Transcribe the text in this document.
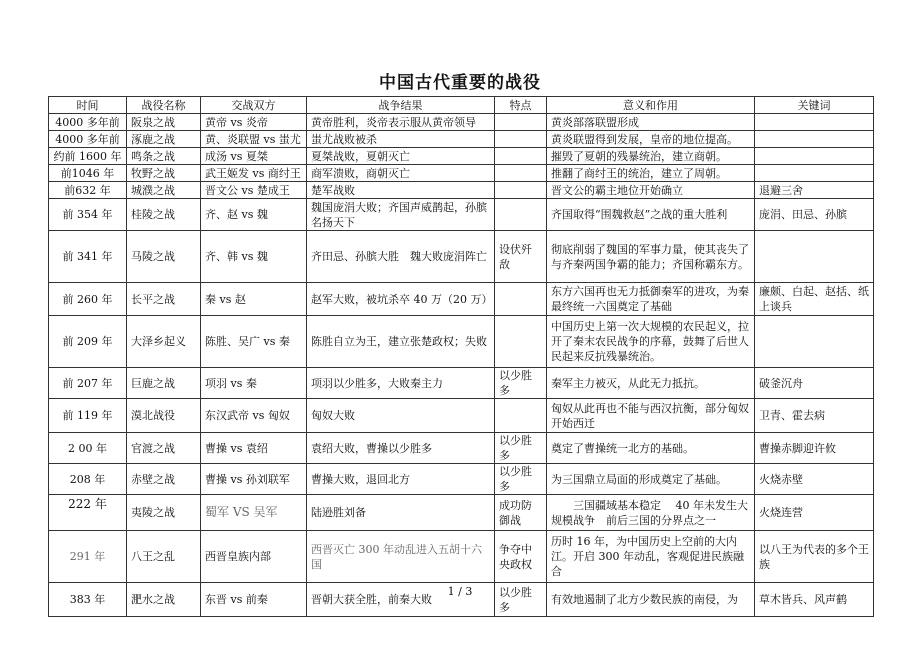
中国古代重要的战役
时间	战役名称	交战双方	战争结果	特点	意义和作用	关键词
4000 多年前	阪泉之战	黄帝 vs 炎帝	黄帝胜利，炎帝表示服从黄帝领导		黄炎部落联盟形成	
4000 多年前	涿鹿之战	黄、炎联盟 vs 蚩尤	蚩尤战败被杀		黄炎联盟得到发展，皇帝的地位提高。	
约前 1600 年	鸣条之战	成汤 vs 夏桀	夏桀战败，夏朝灭亡		摧毁了夏朝的残暴统治，建立商朝。	
前1046 年	牧野之战	武王姬发 vs 商纣王	商军溃败，商朝灭亡		推翻了商纣王的统治，建立了周朝。	
前632 年	城濮之战	晋文公 vs 楚成王	楚军战败		晋文公的霸主地位开始确立	退避三舍
前 354 年	桂陵之战	齐、赵 vs 魏	魏国庞涓大败；齐国声威鹊起，孙膑名扬天下		齐国取得“围魏救赵”之战的重大胜利	庞涓、田忌、孙膑
前 341 年	马陵之战	齐、韩 vs 魏	齐田忌、孙膑大胜　魏大败庞涓阵亡	设伏歼敌	彻底削弱了魏国的军事力量，使其丧失了与齐秦两国争霸的能力；齐国称霸东方。	
前 260 年	长平之战	秦 vs 赵	赵军大败，被坑杀卒 40 万（20 万）		东方六国再也无力抵御秦军的进攻，为秦最终统一六国奠定了基础	廉颇、白起、赵括、纸上谈兵
前 209 年	大泽乡起义	陈胜、吴广 vs 秦	陈胜自立为王，建立张楚政权；失败		中国历史上第一次大规模的农民起义，拉开了秦末农民战争的序幕，鼓舞了后世人民起来反抗残暴统治。	
前 207 年	巨鹿之战	项羽 vs 秦	项羽以少胜多，大败秦主力	以少胜多	秦军主力被灭，从此无力抵抗。	破釜沉舟
前 119 年	漠北战役	东汉武帝 vs 匈奴	匈奴大败		匈奴从此再也不能与西汉抗衡，部分匈奴开始西迁	卫青、霍去病
2 00 年	官渡之战	曹操 vs 袁绍	袁绍大败，曹操以少胜多	以少胜多	奠定了曹操统一北方的基础。	曹操赤脚迎许攸
208 年	赤壁之战	曹操 vs 孙刘联军	曹操大败，退回北方	以少胜多	为三国鼎立局面的形成奠定了基础。	火烧赤壁
222 年	夷陵之战	蜀军 VS 吴军	陆逊胜刘备	成功防御战	　　三国疆域基本稳定　 40 年未发生大规模战争　前后三国的分界点之一	火烧连营
291 年	八王之乱	西晋皇族内部	西晋灭亡 300 年动乱进入五胡十六国	争夺中央政权	历时 16 年，为中国历史上空前的大内江。开启 300 年动乱，客观促进民族融合	以八王为代表的多个王族
383 年	淝水之战	东晋 vs 前秦	晋朝大获全胜，前秦大败	以少胜多	有效地遏制了北方少数民族的南侵，为	草木皆兵、风声鹤
1 / 3
